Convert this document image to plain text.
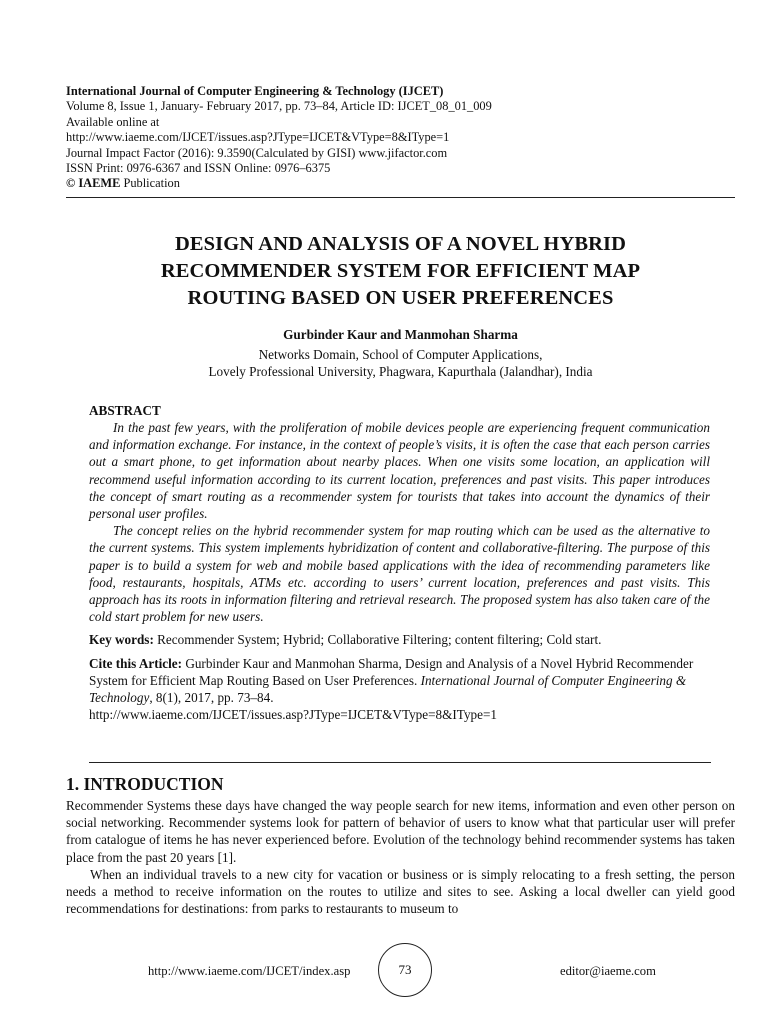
International Journal of Computer Engineering & Technology (IJCET)
Volume 8, Issue 1, January- February 2017, pp. 73–84, Article ID: IJCET_08_01_009
Available online at
http://www.iaeme.com/IJCET/issues.asp?JType=IJCET&VType=8&IType=1
Journal Impact Factor (2016): 9.3590(Calculated by GISI) www.jifactor.com
ISSN Print: 0976-6367 and ISSN Online: 0976–6375
© IAEME Publication
DESIGN AND ANALYSIS OF A NOVEL HYBRID
RECOMMENDER SYSTEM FOR EFFICIENT MAP
ROUTING BASED ON USER PREFERENCES
Gurbinder Kaur and Manmohan Sharma
Networks Domain, School of Computer Applications,
Lovely Professional University, Phagwara, Kapurthala (Jalandhar), India
ABSTRACT

In the past few years, with the proliferation of mobile devices people are experiencing frequent communication and information exchange. For instance, in the context of people’s visits, it is often the case that each person carries out a smart phone, to get information about nearby places. When one visits some location, an application will recommend useful information according to its current location, preferences and past visits. This paper introduces the concept of smart routing as a recommender system for tourists that takes into account the dynamics of their personal user profiles.

The concept relies on the hybrid recommender system for map routing which can be used as the alternative to the current systems. This system implements hybridization of content and collaborative-filtering. The purpose of this paper is to build a system for web and mobile based applications with the idea of recommending parameters like food, restaurants, hospitals, ATMs etc. according to users’ current location, preferences and past visits. This approach has its roots in information filtering and retrieval research. The proposed system has also taken care of the cold start problem for new users.

Key words: Recommender System; Hybrid; Collaborative Filtering; content filtering; Cold start.
Cite this Article: Gurbinder Kaur and Manmohan Sharma, Design and Analysis of a Novel Hybrid Recommender System for Efficient Map Routing Based on User Preferences. International Journal of Computer Engineering & Technology, 8(1), 2017, pp. 73–84.
http://www.iaeme.com/IJCET/issues.asp?JType=IJCET&VType=8&IType=1
1. INTRODUCTION

Recommender Systems these days have changed the way people search for new items, information and even other person on social networking. Recommender systems look for pattern of behavior of users to know what that particular user will prefer from catalogue of items he has never experienced before. Evolution of the technology behind recommender systems has taken place from the past 20 years [1].

When an individual travels to a new city for vacation or business or is simply relocating to a fresh setting, the person needs a method to receive information on the routes to utilize and sites to see. Asking a local dweller can yield good recommendations for destinations: from parks to restaurants to museum to

http://www.iaeme.com/IJCET/index.asp	73	editor@iaeme.com
